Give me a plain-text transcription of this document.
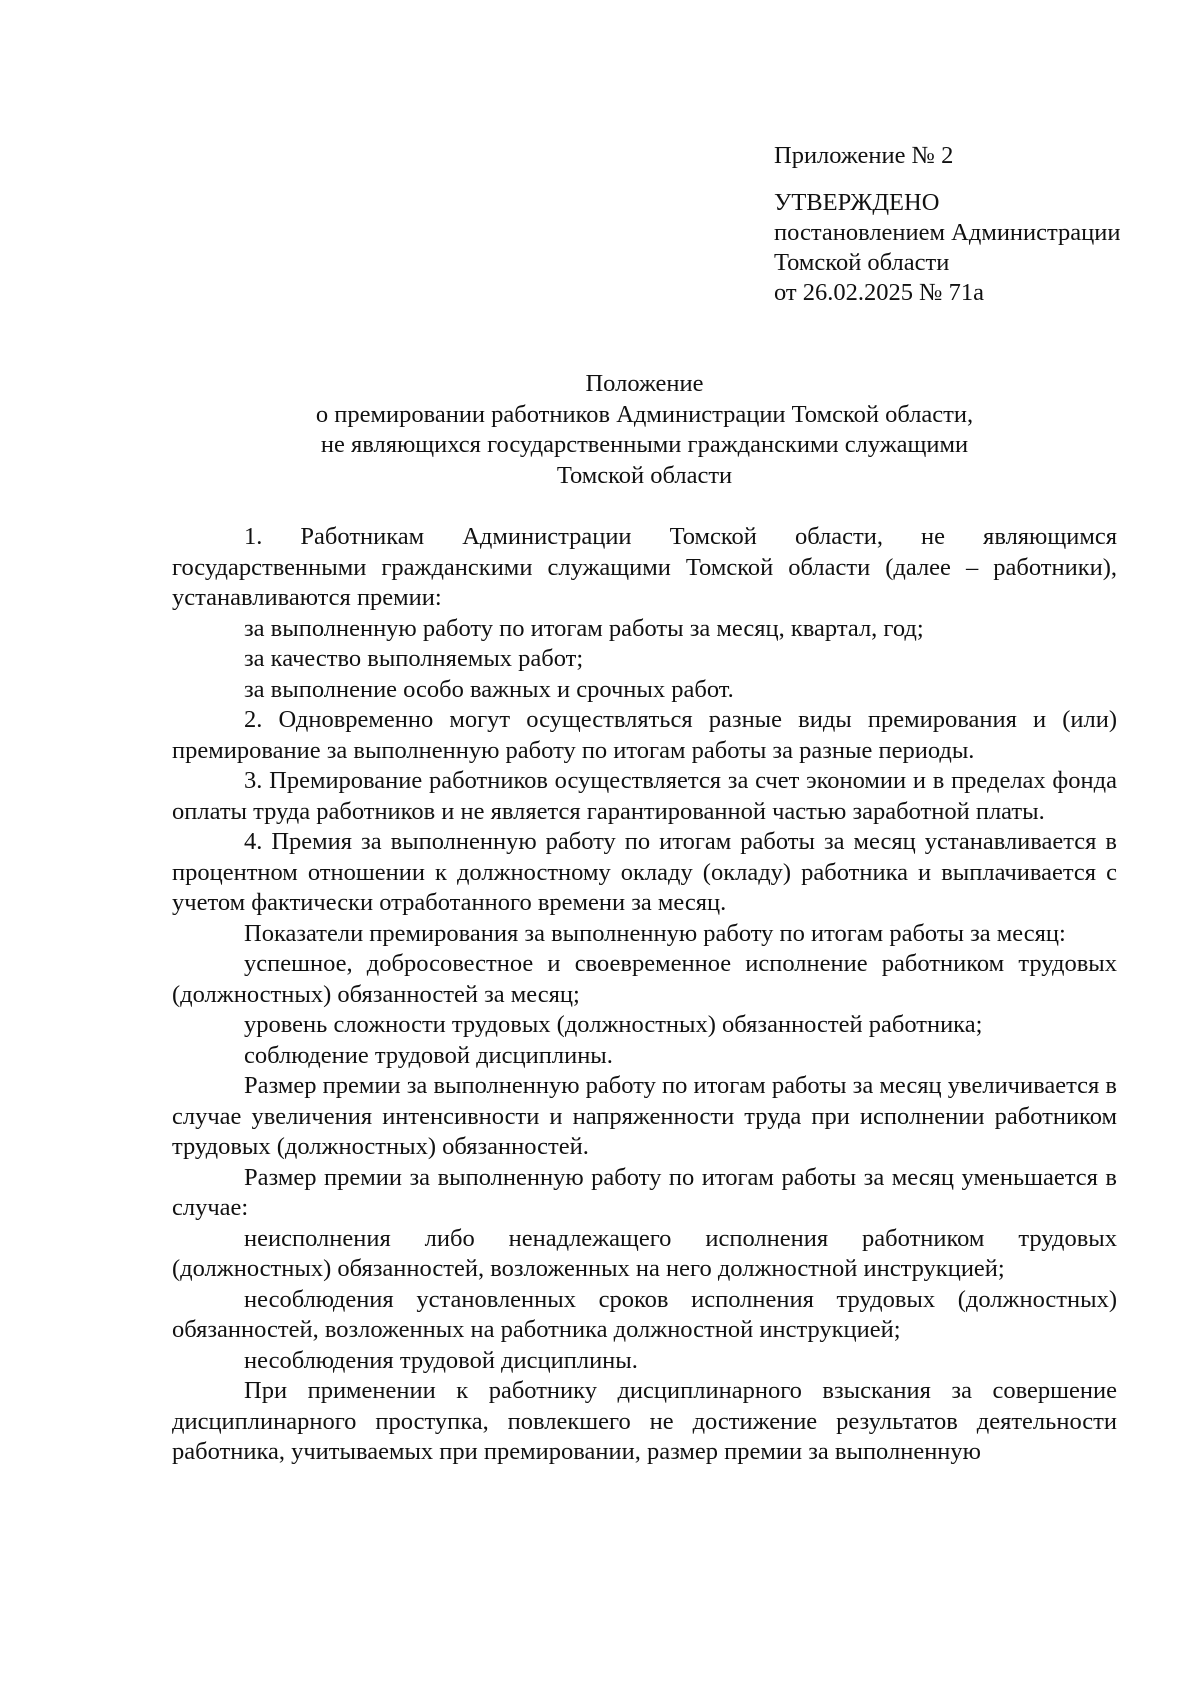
Приложение № 2
УТВЕРЖДЕНО
постановлением Администрации
Томской области
от 26.02.2025 № 71а
Положение
о премировании работников Администрации Томской области,
не являющихся государственными гражданскими служащими
Томской области

1. Работникам Администрации Томской области, не являющимся государственными гражданскими служащими Томской области (далее – работники), устанавливаются премии:

за выполненную работу по итогам работы за месяц, квартал, год;

за качество выполняемых работ;

за выполнение особо важных и срочных работ.

2. Одновременно могут осуществляться разные виды премирования и (или) премирование за выполненную работу по итогам работы за разные периоды.

3. Премирование работников осуществляется за счет экономии и в пределах фонда оплаты труда работников и не является гарантированной частью заработной платы.

4. Премия за выполненную работу по итогам работы за месяц устанавливается в процентном отношении к должностному окладу (окладу) работника и выплачивается с учетом фактически отработанного времени за месяц.

Показатели премирования за выполненную работу по итогам работы за месяц:

успешное, добросовестное и своевременное исполнение работником трудовых (должностных) обязанностей за месяц;

уровень сложности трудовых (должностных) обязанностей работника;

соблюдение трудовой дисциплины.

Размер премии за выполненную работу по итогам работы за месяц увеличивается в случае увеличения интенсивности и напряженности труда при исполнении работником трудовых (должностных) обязанностей.

Размер премии за выполненную работу по итогам работы за месяц уменьшается в случае:

неисполнения либо ненадлежащего исполнения работником трудовых (должностных) обязанностей, возложенных на него должностной инструкцией;

несоблюдения установленных сроков исполнения трудовых (должностных) обязанностей, возложенных на работника должностной инструкцией;

несоблюдения трудовой дисциплины.

При применении к работнику дисциплинарного взыскания за совершение дисциплинарного проступка, повлекшего не достижение результатов деятельности работника, учитываемых при премировании, размер премии за выполненную
